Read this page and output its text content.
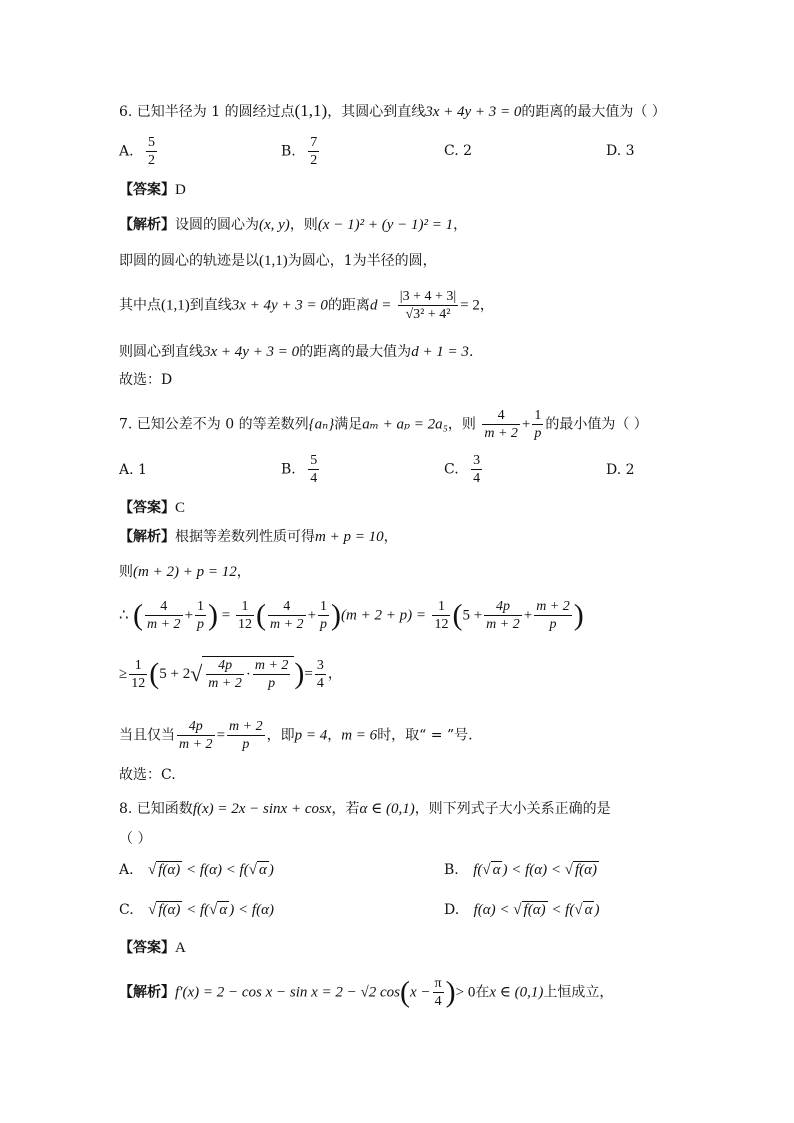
6. 已知半径为 1 的圆经过点(1,1)，其圆心到直线3x + 4y + 3 = 0的距离的最大值为（ ）
A. $\frac{5}{2}$	B. $\frac{7}{2}$	C. 2	D. 3
【答案】D
【解析】设圆的圆心为(x, y)，则(x − 1)² + (y − 1)² = 1，
即圆的圆心的轨迹是以(1,1)为圆心，1为半径的圆，
其中点(1,1)到直线3x + 4y + 3 = 0的距离$d = \frac{|3 + 4 + 3|}{\text{√3² + 4²}} = 2$，
则圆心到直线3x + 4y + 3 = 0的距离的最大值为d + 1 = 3.
故选：D
7. 已知公差不为 0 的等差数列{aₙ}满足aₘ + aₚ = 2a₅，则 $\frac{4}{m + 2} + \frac{1}{p}$ 的最小值为（ ）
A. 1	B. $\frac{5}{4}$	C. $\frac{3}{4}$	D. 2
【答案】C
【解析】根据等差数列性质可得m + p = 10，
则(m + 2) + p = 12，
∴ ( $\frac{4}{m + 2} + \frac{1}{p}$ ) = $\frac{1}{12}$ ( $\frac{4}{m + 2} + \frac{1}{p} )(m + 2 + p) = \frac{1}{12} (5 + \frac{4p}{m + 2} + \frac{m + 2}{p}$ )
≥ $\frac{1}{12} (5 + 2√ \frac{4p}{m + 2} \cdot \frac{m + 2}{p}$ )= $\frac{3}{4}$ ，
当且仅当 $\frac{4p}{m + 2} = \frac{m + 2}{p}$ ，即p = 4，m = 6时，取“ = ”号.
故选：C.
8. 已知函数f(x) = 2x − sinx + cosx，若α ∈ (0,1)，则下列式子大小关系正确的是
（ ）
A. √ f(α) < f(α) < f(√ α )	B. f(√ α ) < f(α) < √ f(α)
C. √ f(α) < f(√ α ) < f(α)	D. f(α) < √ f(α) < f(√ α )
【答案】A
【解析】f′(x) = 2 − cos x − sin x = 2 − √2 $\cos(x - \frac{\pi}{4}$ )> 0在x ∈ (0,1)上恒成立，
